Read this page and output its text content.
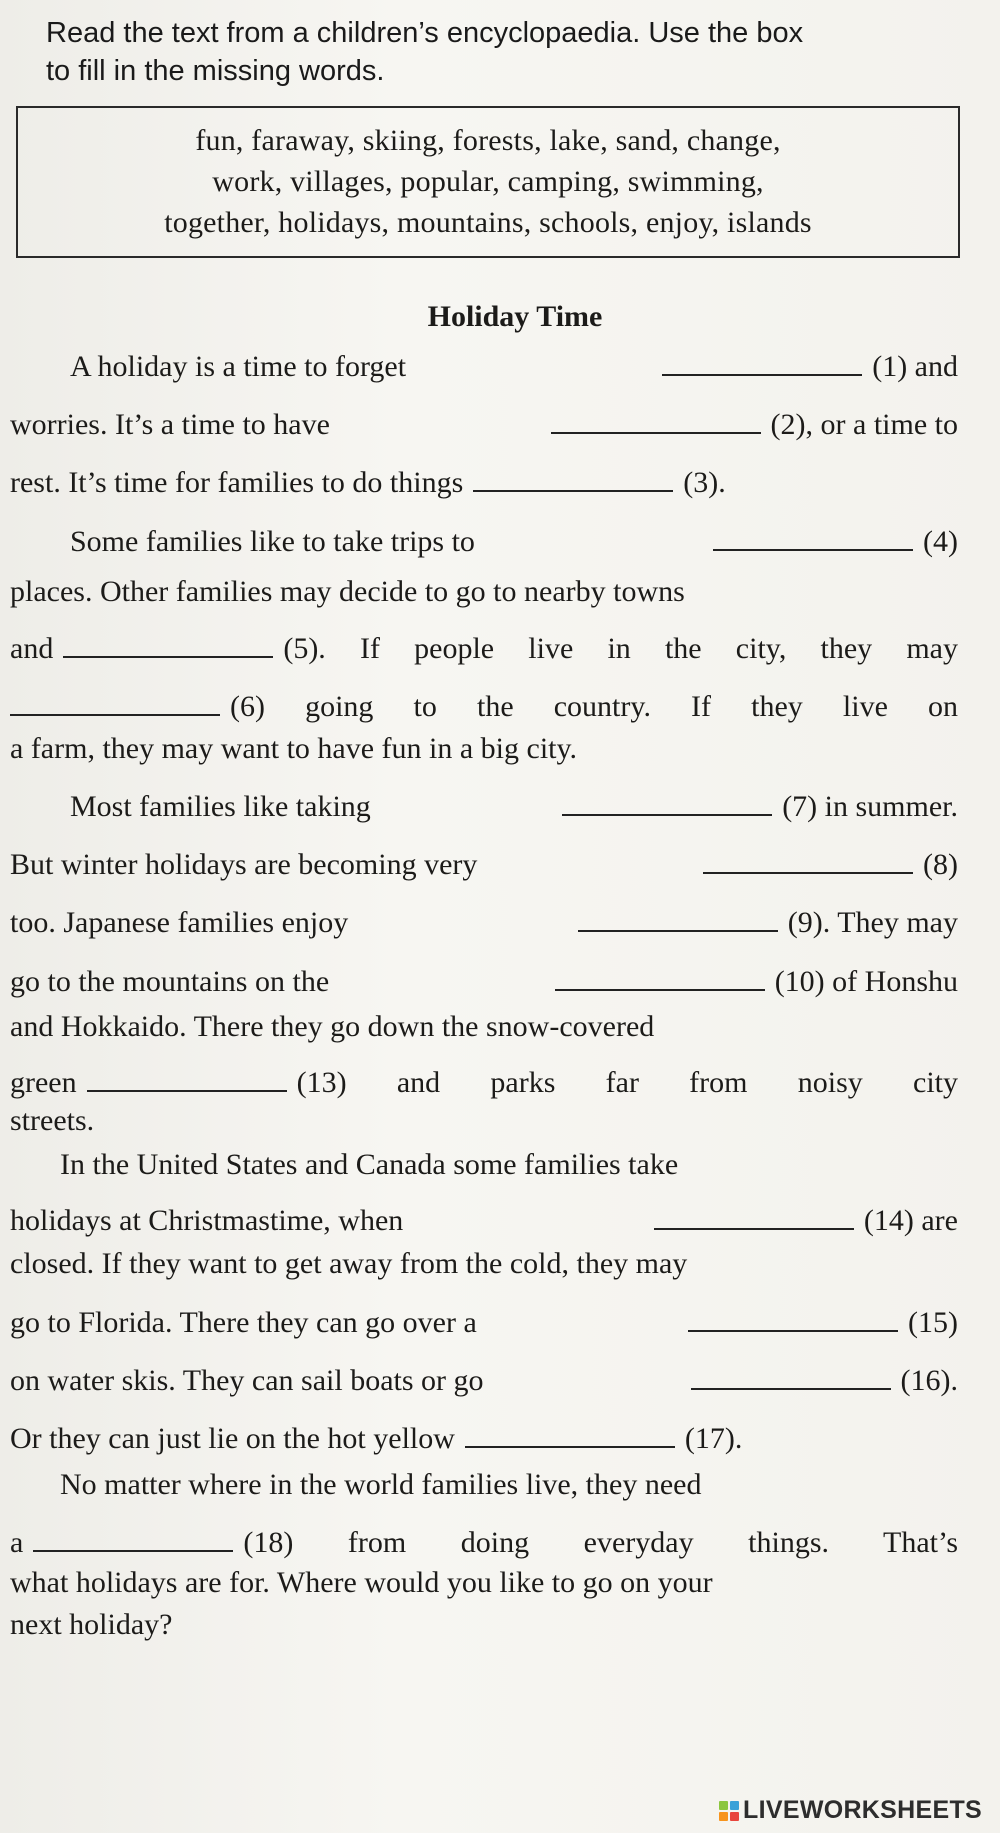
Read the text from a children’s encyclopaedia. Use the box
to fill in the missing words.
fun, faraway, skiing, forests, lake, sand, change,
work, villages, popular, camping, swimming,
together, holidays, mountains, schools, enjoy, islands
Holiday Time
A holiday is a time to forget	(1) and
worries. It’s a time to have	(2), or a time to
rest. It’s time for families to do things	(3).
Some families like to take trips to	(4)
places. Other families may decide to go to nearby towns
and	(5). If people live in the city, they may
(6) going to the country. If they live on
a farm, they may want to have fun in a big city.
Most families like taking	(7) in summer.
But winter holidays are becoming very	(8)
too. Japanese families enjoy	(9). They may
go to the mountains on the	(10) of Honshu
and Hokkaido. There they go down the snow-covered
green	(13) and parks far from noisy city
streets.
In the United States and Canada some families take
holidays at Christmastime, when	(14) are
closed. If they want to get away from the cold, they may
go to Florida. There they can go over a	(15)
on water skis. They can sail boats or go	(16).
Or they can just lie on the hot yellow	(17).
No matter where in the world families live, they need
a	(18) from doing everyday things. That’s
what holidays are for. Where would you like to go on your
next holiday?
LIVEWORKSHEETS
